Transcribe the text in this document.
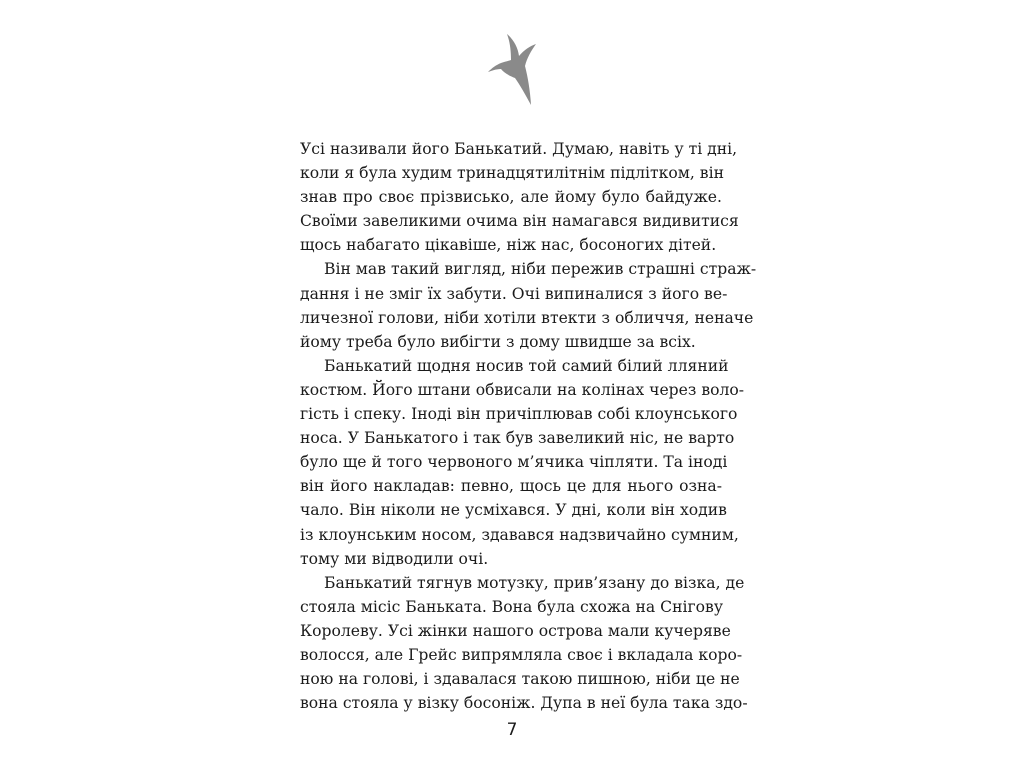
Усі називали його Банькатий. Думаю, навіть у ті дні,
коли я була худим тринадцятилітнім підлітком, він
знав про своє прізвисько, але йому було байдуже.
Своїми завеликими очима він намагався видивитися
щось набагато цікавіше, ніж нас, босоногих дітей.
Він мав такий вигляд, ніби пережив страшні страж-
дання і не зміг їх забути. Очі випиналися з його ве-
личезної голови, ніби хотіли втекти з обличчя, неначе
йому треба було вибігти з дому швидше за всіх.
Банькатий щодня носив той самий білий лляний
костюм. Його штани обвисали на колінах через воло-
гість і спеку. Іноді він причіплював собі клоунського
носа. У Банькатого і так був завеликий ніс, не варто
було ще й того червоного м’ячика чіпляти. Та іноді
він його накладав: певно, щось це для нього озна-
чало. Він ніколи не усміхався. У дні, коли він ходив
із клоунським носом, здавався надзвичайно сумним,
тому ми відводили очі.
Банькатий тягнув мотузку, прив’язану до візка, де
стояла місіс Банькатa. Вона була схожа на Снігову
Королеву. Усі жінки нашого острова мали кучеряве
волосся, але Грейс випрямляла своє і вкладала коро-
ною на голові, і здавалася такою пишною, ніби це не
вона стояла у візку босоніж. Дупа в неї була така здо-
7
